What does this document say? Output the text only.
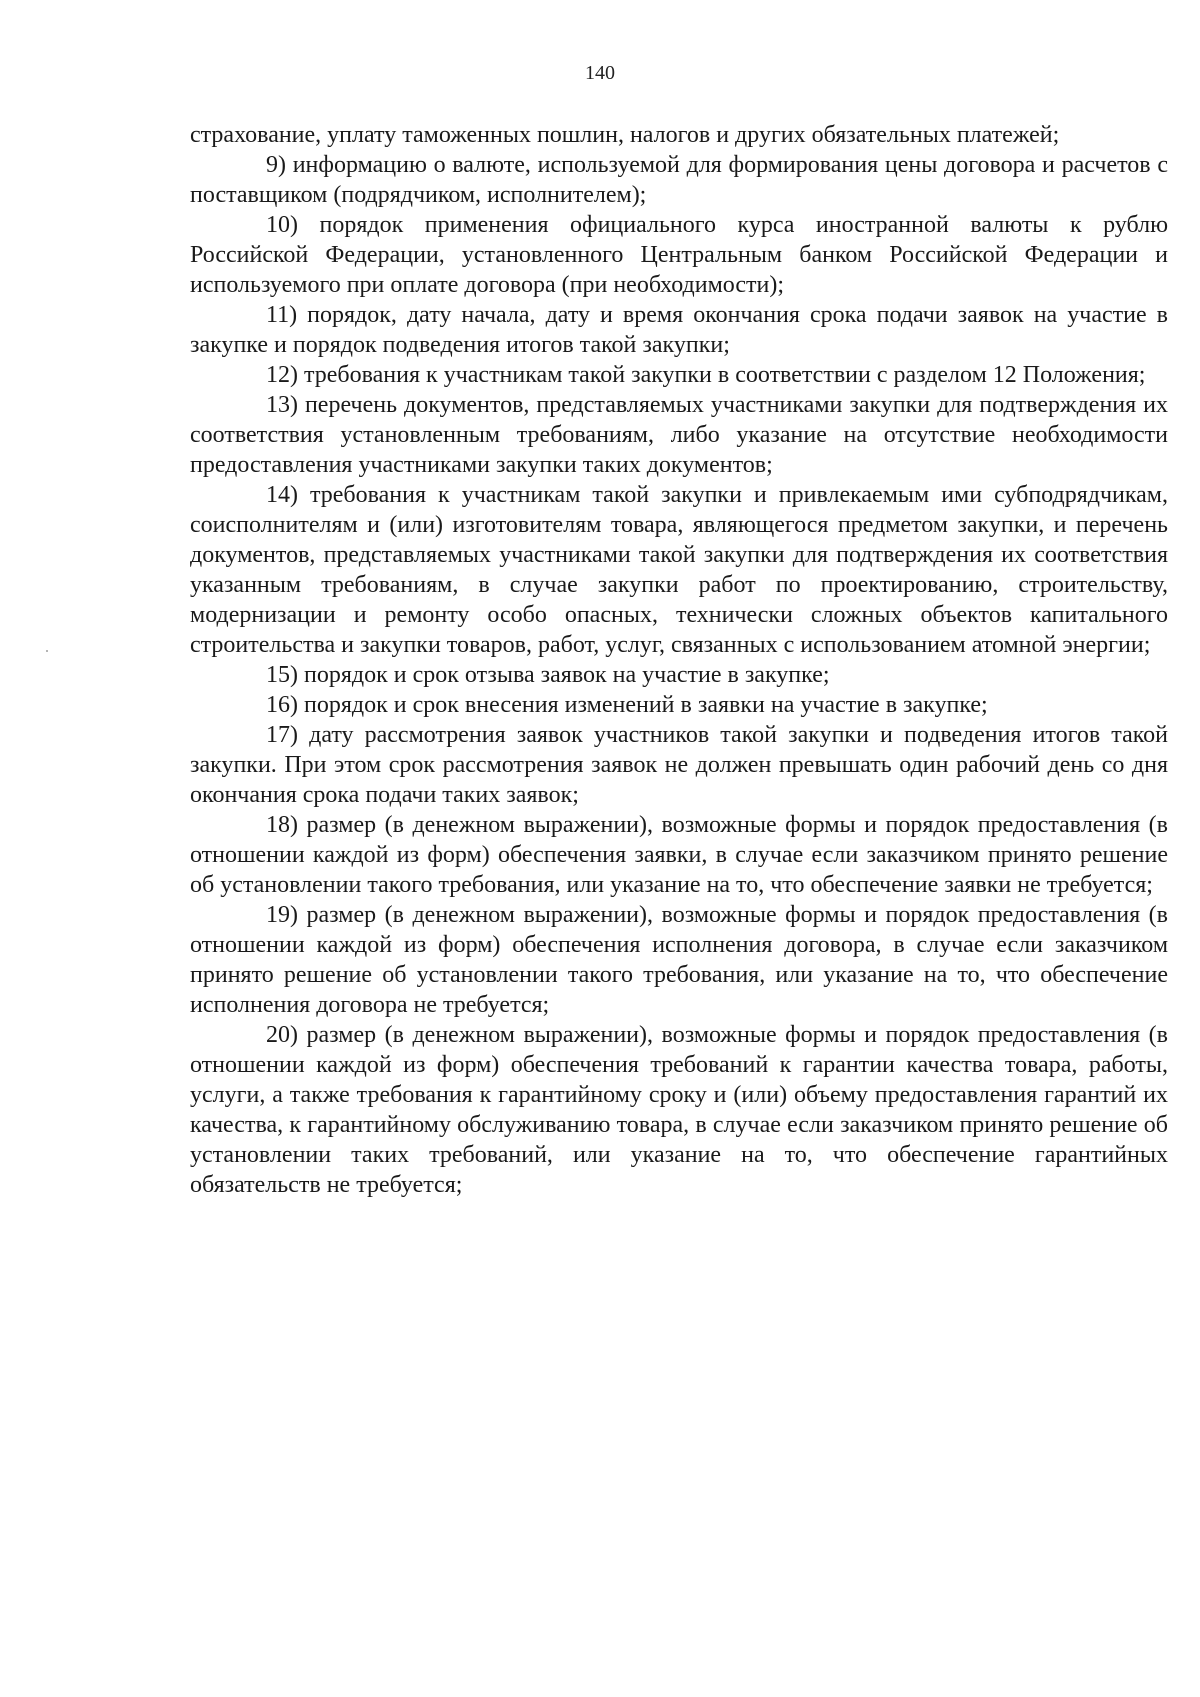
140

страхование, уплату таможенных пошлин, налогов и других обязательных платежей;

9) информацию о валюте, используемой для формирования цены договора и расчетов с поставщиком (подрядчиком, исполнителем);

10) порядок применения официального курса иностранной валюты к рублю Российской Федерации, установленного Центральным банком Российской Федерации и используемого при оплате договора (при необходимости);

11) порядок, дату начала, дату и время окончания срока подачи заявок на участие в закупке и порядок подведения итогов такой закупки;

12) требования к участникам такой закупки в соответствии с разделом 12 Положения;

13) перечень документов, представляемых участниками закупки для подтверждения их соответствия установленным требованиям, либо указание на отсутствие необходимости предоставления участниками закупки таких документов;

14) требования к участникам такой закупки и привлекаемым ими субподрядчикам, соисполнителям и (или) изготовителям товара, являющегося предметом закупки, и перечень документов, представляемых участниками такой закупки для подтверждения их соответствия указанным требованиям, в случае закупки работ по проектированию, строительству, модернизации и ремонту особо опасных, технически сложных объектов капитального строительства и закупки товаров, работ, услуг, связанных с использованием атомной энергии;

15) порядок и срок отзыва заявок на участие в закупке;

16) порядок и срок внесения изменений в заявки на участие в закупке;

17) дату рассмотрения заявок участников такой закупки и подведения итогов такой закупки. При этом срок рассмотрения заявок не должен превышать один рабочий день со дня окончания срока подачи таких заявок;

18) размер (в денежном выражении), возможные формы и порядок предоставления (в отношении каждой из форм) обеспечения заявки, в случае если заказчиком принято решение об установлении такого требования, или указание на то, что обеспечение заявки не требуется;

19) размер (в денежном выражении), возможные формы и порядок предоставления (в отношении каждой из форм) обеспечения исполнения договора, в случае если заказчиком принято решение об установлении такого требования, или указание на то, что обеспечение исполнения договора не требуется;

20) размер (в денежном выражении), возможные формы и порядок предоставления (в отношении каждой из форм) обеспечения требований к гарантии качества товара, работы, услуги, а также требования к гарантийному сроку и (или) объему предоставления гарантий их качества, к гарантийному обслуживанию товара, в случае если заказчиком принято решение об установлении таких требований, или указание на то, что обеспечение гарантийных обязательств не требуется;
